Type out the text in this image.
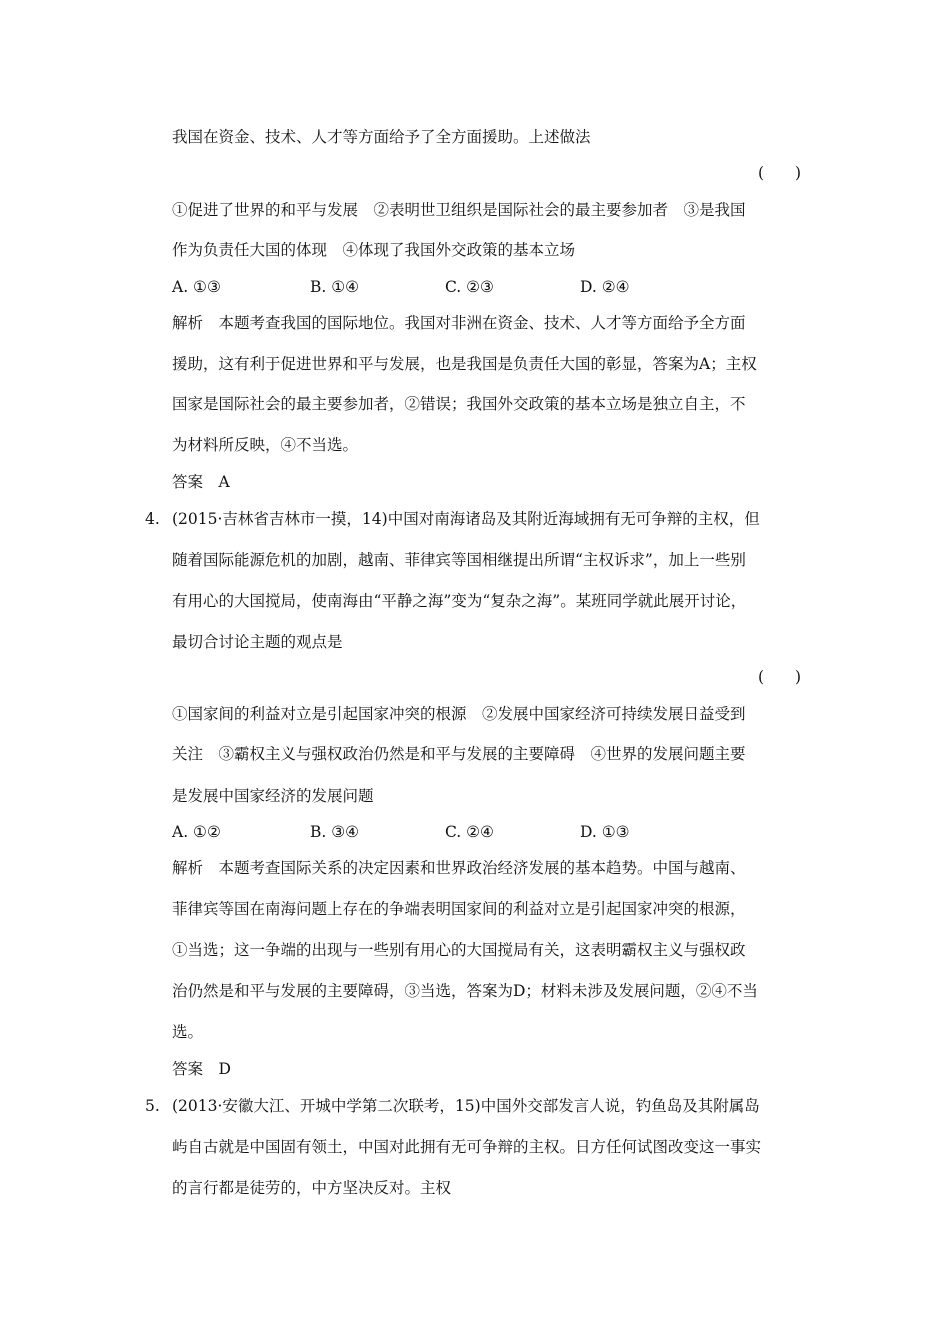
我国在资金、技术、人才等方面给予了全方面援助。上述做法
(　　)
①促进了世界的和平与发展　②表明世卫组织是国际社会的最主要参加者　③是我国
作为负责任大国的体现　④体现了我国外交政策的基本立场
A. ①③	B. ①④	C. ②③	D. ②④
解析　本题考查我国的国际地位。我国对非洲在资金、技术、人才等方面给予全方面
援助，这有利于促进世界和平与发展，也是我国是负责任大国的彰显，答案为A；主权
国家是国际社会的最主要参加者，②错误；我国外交政策的基本立场是独立自主，不
为材料所反映，④不当选。
答案　A
4. (2015·吉林省吉林市一摸，14)中国对南海诸岛及其附近海域拥有无可争辩的主权，但
随着国际能源危机的加剧，越南、菲律宾等国相继提出所谓“主权诉求”，加上一些别
有用心的大国搅局，使南海由“平静之海”变为“复杂之海”。某班同学就此展开讨论，
最切合讨论主题的观点是
(　　)
①国家间的利益对立是引起国家冲突的根源　②发展中国家经济可持续发展日益受到
关注　③霸权主义与强权政治仍然是和平与发展的主要障碍　④世界的发展问题主要
是发展中国家经济的发展问题
A. ①②	B. ③④	C. ②④	D. ①③
解析　本题考查国际关系的决定因素和世界政治经济发展的基本趋势。中国与越南、
菲律宾等国在南海问题上存在的争端表明国家间的利益对立是引起国家冲突的根源，
①当选；这一争端的出现与一些别有用心的大国搅局有关，这表明霸权主义与强权政
治仍然是和平与发展的主要障碍，③当选，答案为D；材料未涉及发展问题，②④不当
选。
答案　D
5. (2013·安徽大江、开城中学第二次联考，15)中国外交部发言人说，钓鱼岛及其附属岛
屿自古就是中国固有领土，中国对此拥有无可争辩的主权。日方任何试图改变这一事实
的言行都是徒劳的，中方坚决反对。主权
